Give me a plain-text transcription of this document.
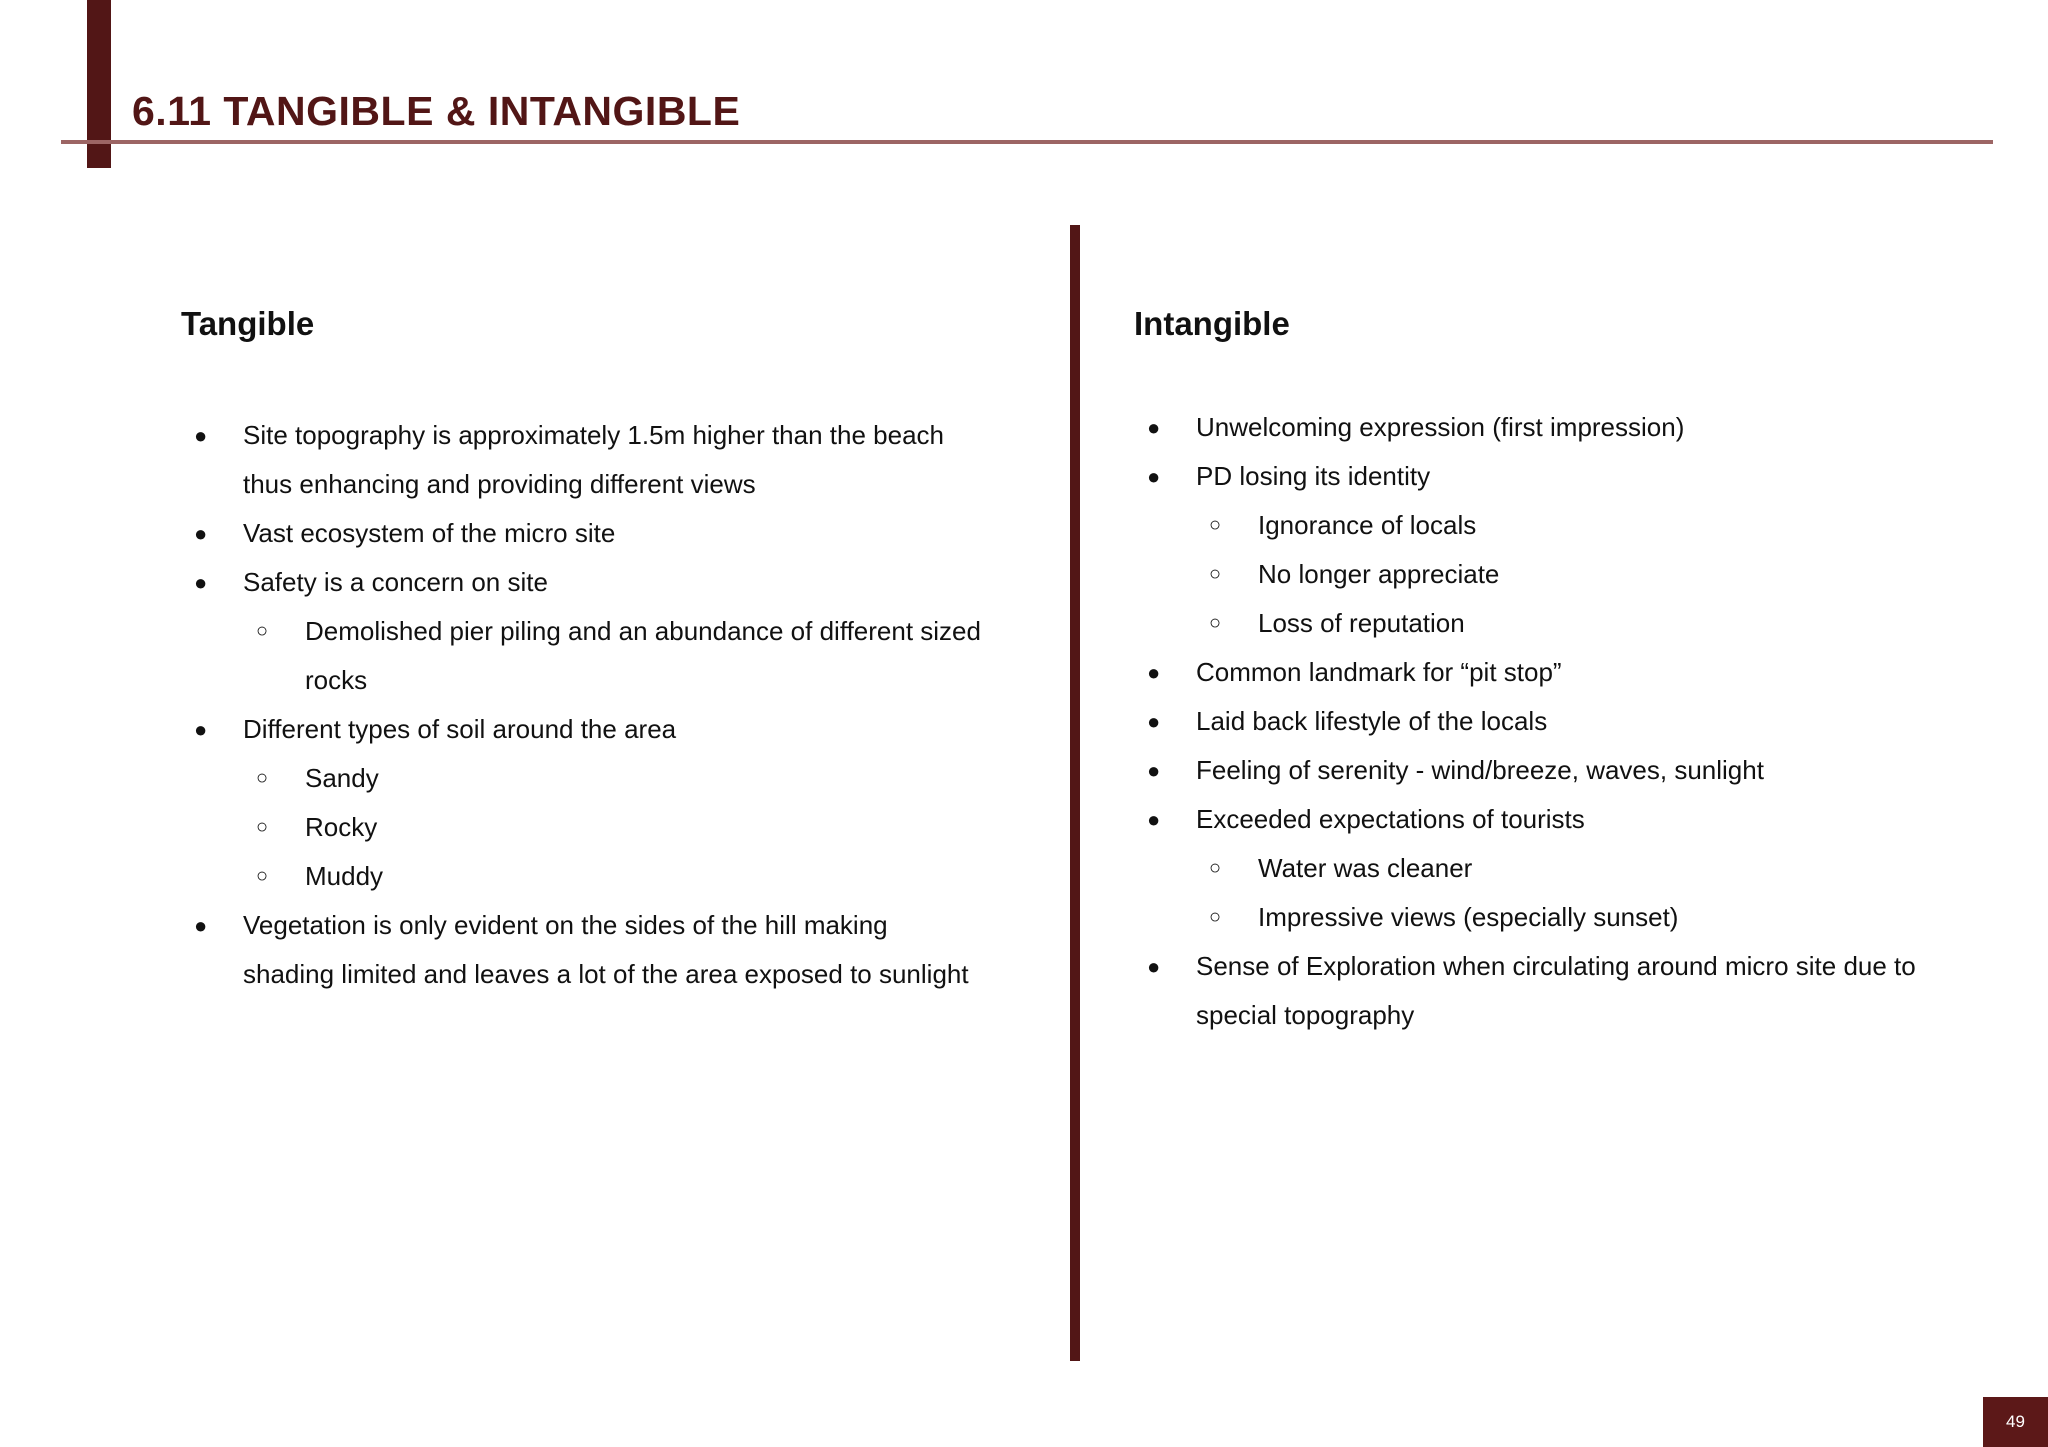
6.11 TANGIBLE & INTANGIBLE
Tangible
● Site topography is approximately 1.5m higher than the beach
thus enhancing and providing different views
● Vast ecosystem of the micro site
● Safety is a concern on site
○ Demolished pier piling and an abundance of different sized
rocks
● Different types of soil around the area
○ Sandy
○ Rocky
○ Muddy
● Vegetation is only evident on the sides of the hill making
shading limited and leaves a lot of the area exposed to sunlight
Intangible
● Unwelcoming expression (first impression)
● PD losing its identity
○ Ignorance of locals
○ No longer appreciate
○ Loss of reputation
● Common landmark for “pit stop”
● Laid back lifestyle of the locals
● Feeling of serenity - wind/breeze, waves, sunlight
● Exceeded expectations of tourists
○ Water was cleaner
○ Impressive views (especially sunset)
● Sense of Exploration when circulating around micro site due to
special topography
49
